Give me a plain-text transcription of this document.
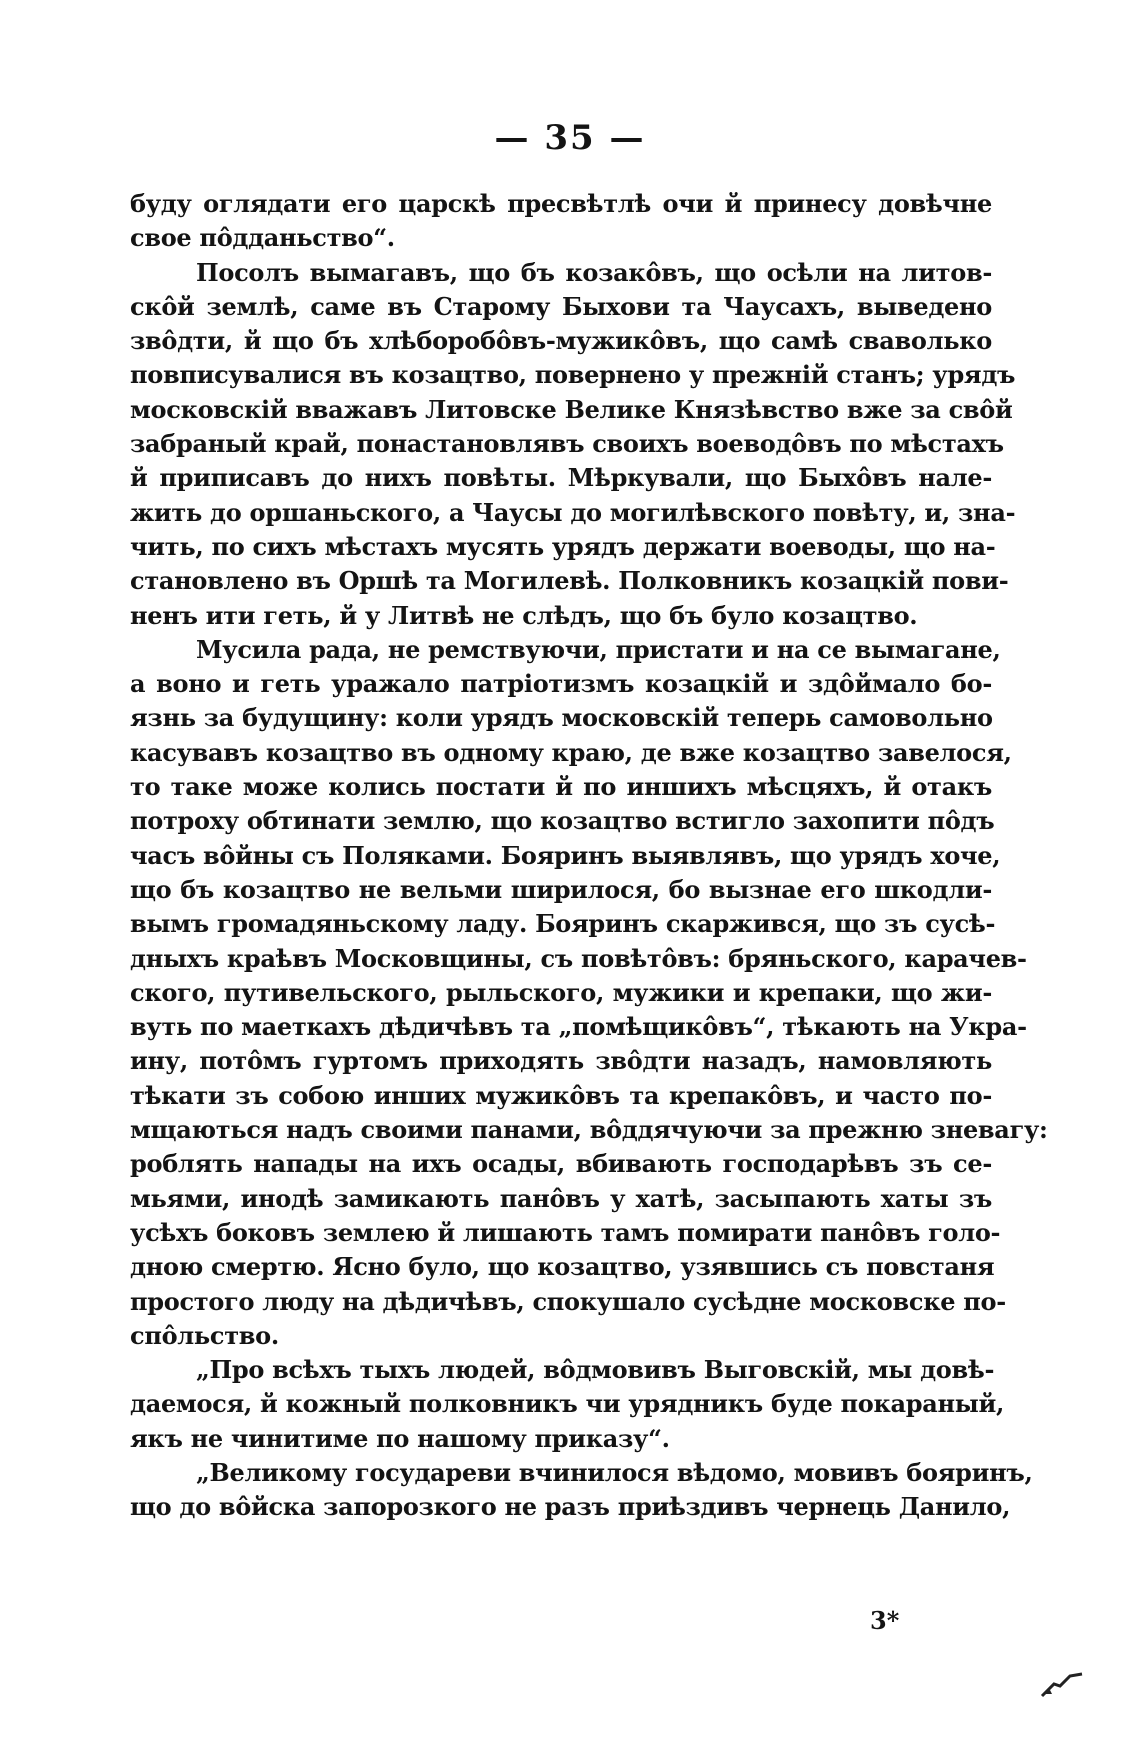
— 35 —
буду оглядати его царскѣ пресвѣтлѣ очи й принесу довѣчне
свое пôдданьство“.
Посолъ вымагавъ, що бъ козакôвъ, що осѣли на литов-
скôй землѣ, саме въ Старому Быхови та Чаусахъ, выведено
звôдти, й що бъ хлѣборобôвъ-мужикôвъ, що самѣ сваволько
повписувалися въ козацтво, повернено у прежній станъ; урядъ
московскій вважавъ Литовске Велике Князѣвство вже за свôй
забраный край, понастановлявъ своихъ воеводôвъ по мѣстахъ
й приписавъ до нихъ повѣты. Мѣркували, що Быхôвъ нале-
жить до оршаньского, а Чаусы до могилѣвского повѣту, и, зна-
чить, по сихъ мѣстахъ мусять урядъ держати воеводы, що на-
становлено въ Оршѣ та Могилевѣ. Полковникъ козацкій пови-
ненъ ити геть, й у Литвѣ не слѣдъ, що бъ було козацтво.
Мусила рада, не ремствуючи, пристати и на се вымагане,
а воно и геть уражало патріотизмъ козацкій и здôймало бо-
язнь за будущину: коли урядъ московскій теперь самовольно
касувавъ козацтво въ одному краю, де вже козацтво завелося,
то таке може колись постати й по иншихъ мѣсцяхъ, й отакъ
потроху обтинати землю, що козацтво встигло захопити пôдъ
часъ вôйны съ Поляками. Бояринъ выявлявъ, що урядъ хоче,
що бъ козацтво не вельми ширилося, бо вызнае его шкодли-
вымъ громадяньскому ладу. Бояринъ скаржився, що зъ сусѣ-
дныхъ краѣвъ Московщины, съ повѣтôвъ: бряньского, карачев-
ского, путивельского, рыльского, мужики и крепаки, що жи-
вуть по маеткахъ дѣдичѣвъ та „помѣщикôвъ“, тѣкають на Укра-
ину, потôмъ гуртомъ приходять звôдти назадъ, намовляють
тѣкати зъ собою инших мужикôвъ та крепакôвъ, и часто по-
мщаються надъ своими панами, вôддячуючи за прежню зневагу:
роблять напады на ихъ осады, вбивають господарѣвъ зъ се-
мьями, инодѣ замикають панôвъ у хатѣ, засыпають хаты зъ
усѣхъ боковъ землею й лишають тамъ помирати панôвъ голо-
дною смертю. Ясно було, що козацтво, узявшись съ повстаня
простого люду на дѣдичѣвъ, спокушало сусѣдне московске по-
спôльство.
„Про всѣхъ тыхъ людей, вôдмовивъ Выговскій, мы довѣ-
даемося, й кожный полковникъ чи урядникъ буде покараный,
якъ не чинитиме по нашому приказу“.
„Великому государеви вчинилося вѣдомо, мовивъ бояринъ,
що до вôйска запорозкого не разъ приѣздивъ чернець Данило,
3*
